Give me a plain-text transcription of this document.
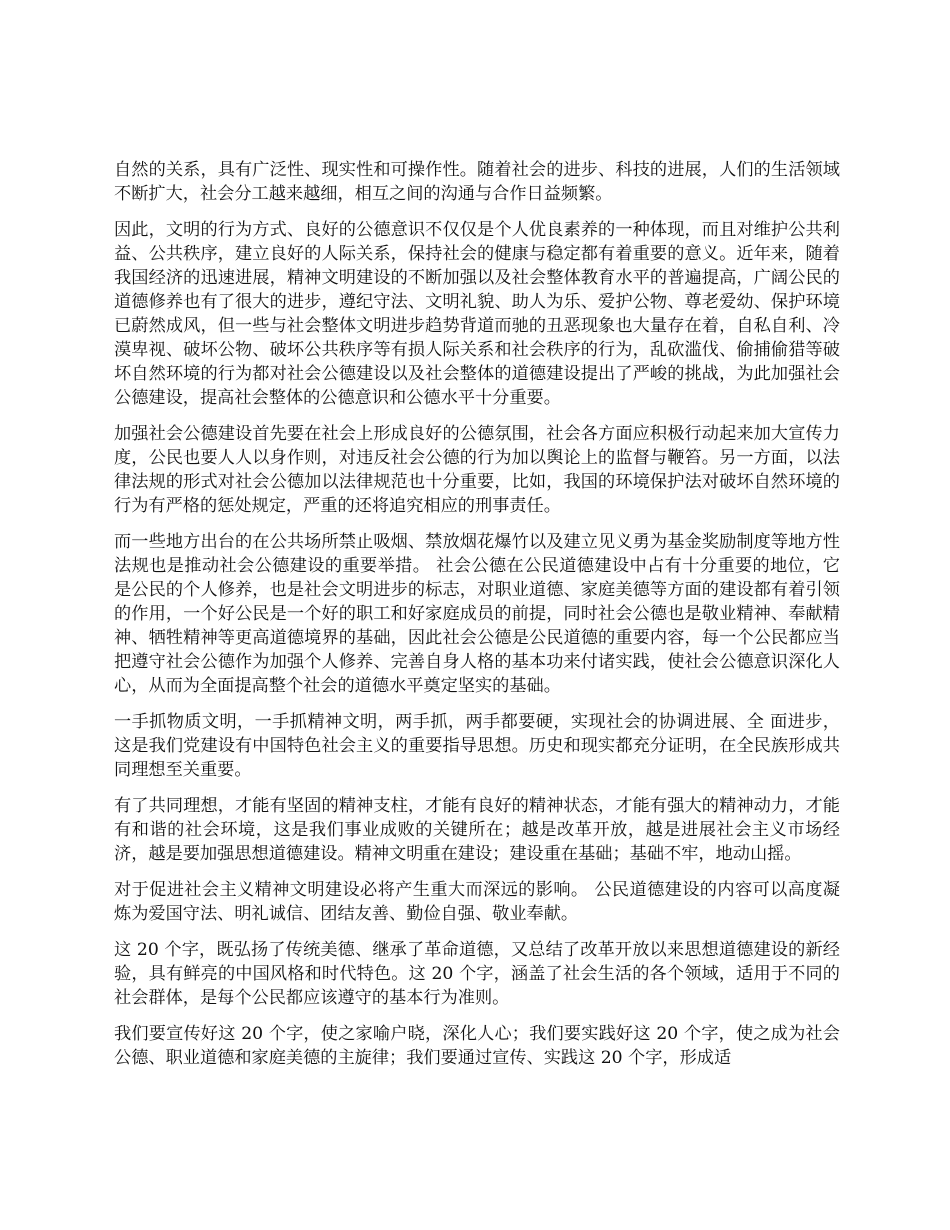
自然的关系，具有广泛性、现实性和可操作性。随着社会的进步、科技的进展，人们的生活领域不断扩大，社会分工越来越细，相互之间的沟通与合作日益频繁。

因此，文明的行为方式、良好的公德意识不仅仅是个人优良素养的一种体现，而且对维护公共利益、公共秩序，建立良好的人际关系，保持社会的健康与稳定都有着重要的意义。近年来，随着我国经济的迅速进展，精神文明建设的不断加强以及社会整体教育水平的普遍提高，广阔公民的道德修养也有了很大的进步，遵纪守法、文明礼貌、助人为乐、爱护公物、尊老爱幼、保护环境已蔚然成风，但一些与社会整体文明进步趋势背道而驰的丑恶现象也大量存在着，自私自利、冷漠卑视、破坏公物、破坏公共秩序等有损人际关系和社会秩序的行为，乱砍滥伐、偷捕偷猎等破坏自然环境的行为都对社会公德建设以及社会整体的道德建设提出了严峻的挑战，为此加强社会公德建设，提高社会整体的公德意识和公德水平十分重要。

加强社会公德建设首先要在社会上形成良好的公德氛围，社会各方面应积极行动起来加大宣传力度，公民也要人人以身作则，对违反社会公德的行为加以舆论上的监督与鞭笞。另一方面，以法律法规的形式对社会公德加以法律规范也十分重要，比如，我国的环境保护法对破坏自然环境的行为有严格的惩处规定，严重的还将追究相应的刑事责任。

而一些地方出台的在公共场所禁止吸烟、禁放烟花爆竹以及建立见义勇为基金奖励制度等地方性法规也是推动社会公德建设的重要举措。 社会公德在公民道德建设中占有十分重要的地位，它是公民的个人修养，也是社会文明进步的标志，对职业道德、家庭美德等方面的建设都有着引领的作用，一个好公民是一个好的职工和好家庭成员的前提，同时社会公德也是敬业精神、奉献精神、牺牲精神等更高道德境界的基础，因此社会公德是公民道德的重要内容，每一个公民都应当把遵守社会公德作为加强个人修养、完善自身人格的基本功来付诸实践，使社会公德意识深化人心，从而为全面提高整个社会的道德水平奠定坚实的基础。

一手抓物质文明，一手抓精神文明，两手抓，两手都要硬，实现社会的协调进展、全 面进步，这是我们党建设有中国特色社会主义的重要指导思想。历史和现实都充分证明，在全民族形成共同理想至关重要。

有了共同理想，才能有坚固的精神支柱，才能有良好的精神状态，才能有强大的精神动力，才能有和谐的社会环境，这是我们事业成败的关键所在；越是改革开放，越是进展社会主义市场经济，越是要加强思想道德建设。精神文明重在建设；建设重在基础；基础不牢，地动山摇。

对于促进社会主义精神文明建设必将产生重大而深远的影响。 公民道德建设的内容可以高度凝炼为爱国守法、明礼诚信、团结友善、勤俭自强、敬业奉献。

这 20 个字，既弘扬了传统美德、继承了革命道德，又总结了改革开放以来思想道德建设的新经验，具有鲜亮的中国风格和时代特色。这 20 个字，涵盖了社会生活的各个领域，适用于不同的社会群体，是每个公民都应该遵守的基本行为准则。

我们要宣传好这 20 个字，使之家喻户晓，深化人心；我们要实践好这 20 个字，使之成为社会公德、职业道德和家庭美德的主旋律；我们要通过宣传、实践这 20 个字，形成适
